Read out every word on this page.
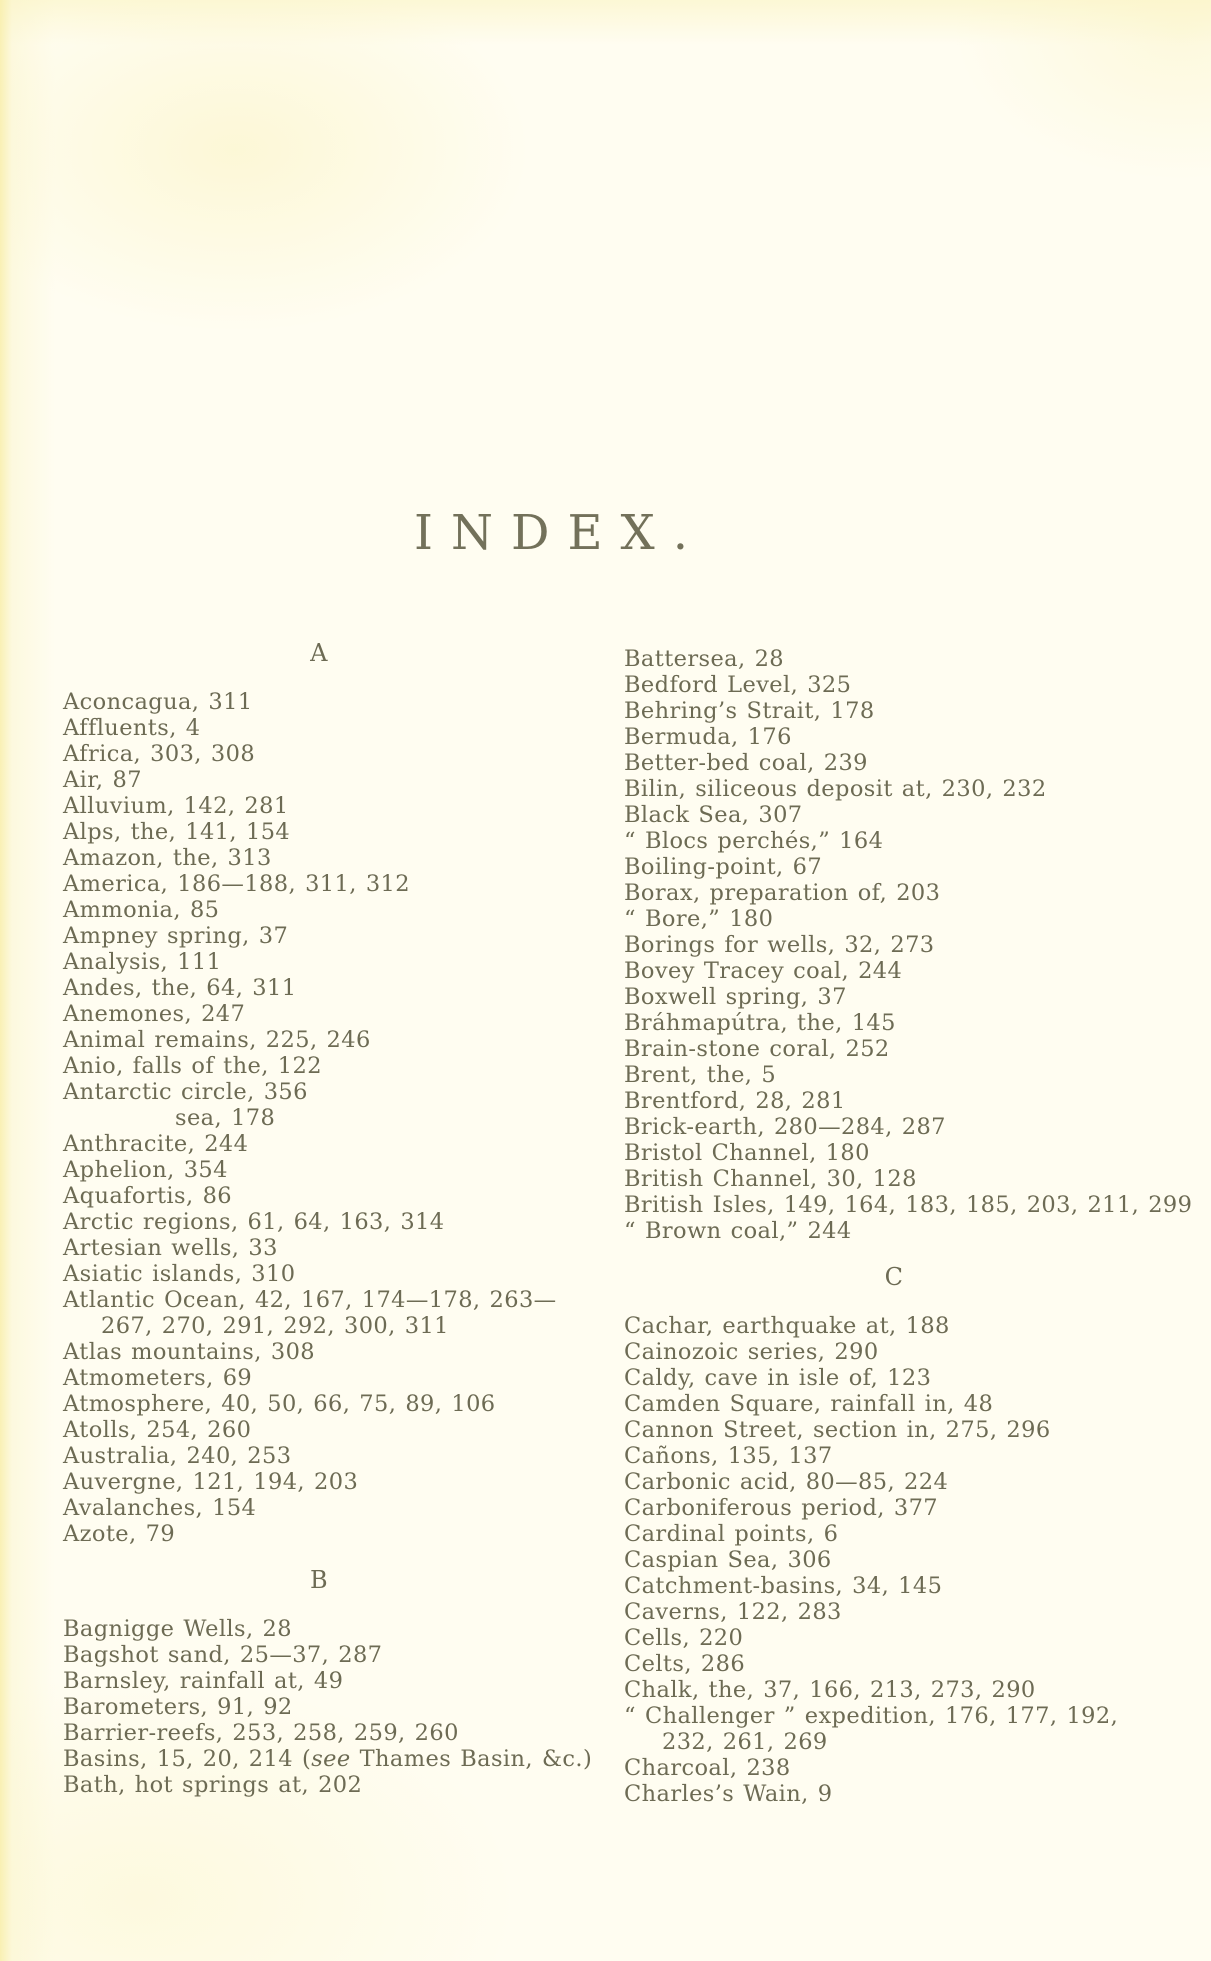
INDEX.
A
Aconcagua, 311
Affluents, 4
Africa, 303, 308
Air, 87
Alluvium, 142, 281
Alps, the, 141, 154
Amazon, the, 313
America, 186—188, 311, 312
Ammonia, 85
Ampney spring, 37
Analysis, 111
Andes, the, 64, 311
Anemones, 247
Animal remains, 225, 246
Anio, falls of the, 122
Antarctic circle, 356
sea, 178
Anthracite, 244
Aphelion, 354
Aquafortis, 86
Arctic regions, 61, 64, 163, 314
Artesian wells, 33
Asiatic islands, 310
Atlantic Ocean, 42, 167, 174—178, 263—
267, 270, 291, 292, 300, 311
Atlas mountains, 308
Atmometers, 69
Atmosphere, 40, 50, 66, 75, 89, 106
Atolls, 254, 260
Australia, 240, 253
Auvergne, 121, 194, 203
Avalanches, 154
Azote, 79
B
Bagnigge Wells, 28
Bagshot sand, 25—37, 287
Barnsley, rainfall at, 49
Barometers, 91, 92
Barrier-reefs, 253, 258, 259, 260
Basins, 15, 20, 214 (see Thames Basin, &c.)
Bath, hot springs at, 202
Battersea, 28
Bedford Level, 325
Behring’s Strait, 178
Bermuda, 176
Better-bed coal, 239
Bilin, siliceous deposit at, 230, 232
Black Sea, 307
“ Blocs perchés,” 164
Boiling-point, 67
Borax, preparation of, 203
“ Bore,” 180
Borings for wells, 32, 273
Bovey Tracey coal, 244
Boxwell spring, 37
Bráhmapútra, the, 145
Brain-stone coral, 252
Brent, the, 5
Brentford, 28, 281
Brick-earth, 280—284, 287
Bristol Channel, 180
British Channel, 30, 128
British Isles, 149, 164, 183, 185, 203, 211, 299
“ Brown coal,” 244
C
Cachar, earthquake at, 188
Cainozoic series, 290
Caldy, cave in isle of, 123
Camden Square, rainfall in, 48
Cannon Street, section in, 275, 296
Cañons, 135, 137
Carbonic acid, 80—85, 224
Carboniferous period, 377
Cardinal points, 6
Caspian Sea, 306
Catchment-basins, 34, 145
Caverns, 122, 283
Cells, 220
Celts, 286
Chalk, the, 37, 166, 213, 273, 290
“ Challenger ” expedition, 176, 177, 192,
232, 261, 269
Charcoal, 238
Charles’s Wain, 9
